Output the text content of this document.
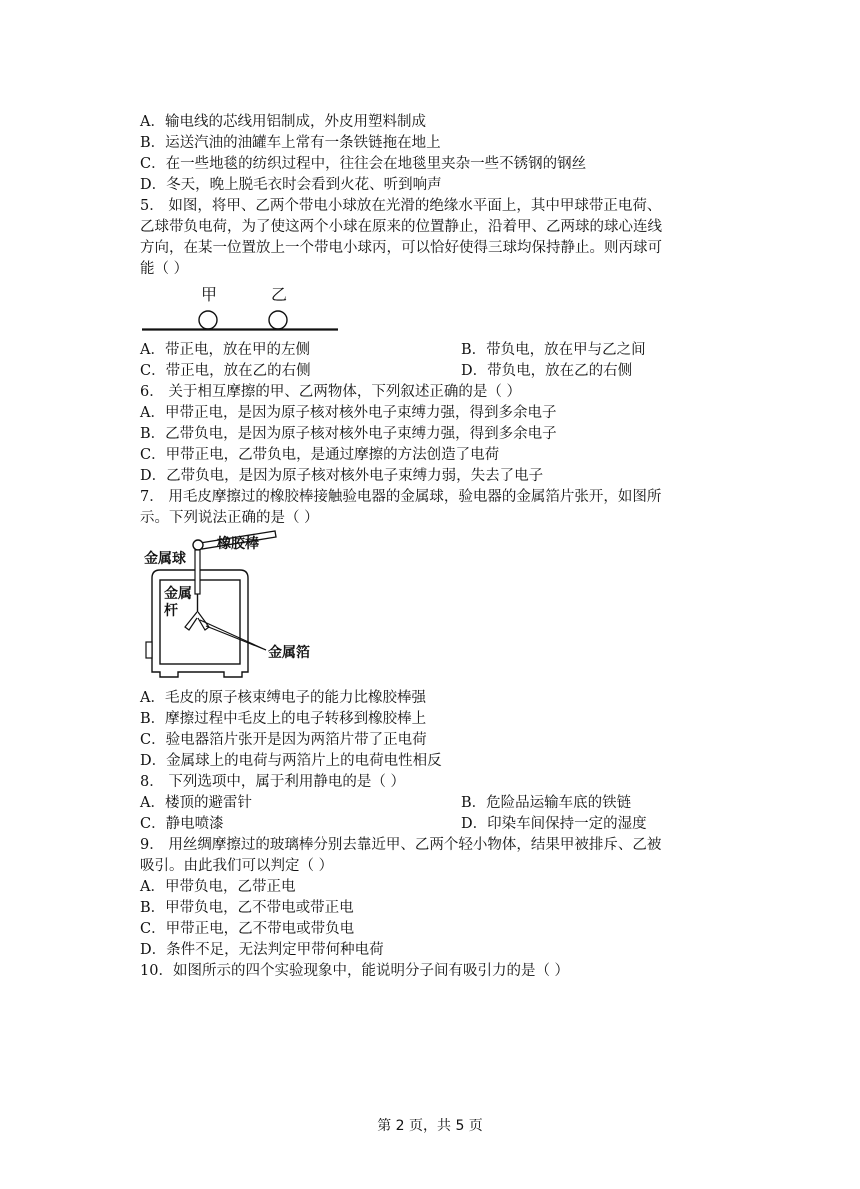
A．输电线的芯线用铝制成，外皮用塑料制成
B．运送汽油的油罐车上常有一条铁链拖在地上
C．在一些地毯的纺织过程中，往往会在地毯里夹杂一些不锈钢的钢丝
D．冬天，晚上脱毛衣时会看到火花、听到响声
5． 如图，将甲、乙两个带电小球放在光滑的绝缘水平面上，其中甲球带正电荷、
乙球带负电荷，为了使这两个小球在原来的位置静止，沿着甲、乙两球的球心连线
方向，在某一位置放上一个带电小球丙，可以恰好使得三球均保持静止。则丙球可
能（ ）
甲	乙
A．带正电，放在甲的左侧	B．带负电，放在甲与乙之间
C．带正电，放在乙的右侧	D．带负电，放在乙的右侧
6． 关于相互摩擦的甲、乙两物体，下列叙述正确的是（ ）
A．甲带正电，是因为原子核对核外电子束缚力强，得到多余电子
B．乙带负电，是因为原子核对核外电子束缚力强，得到多余电子
C．甲带正电，乙带负电，是通过摩擦的方法创造了电荷
D．乙带负电，是因为原子核对核外电子束缚力弱，失去了电子
7． 用毛皮摩擦过的橡胶棒接触验电器的金属球，验电器的金属箔片张开，如图所
示。下列说法正确的是（ ）
金属球
橡胶棒
金属
杆
金属箔
A．毛皮的原子核束缚电子的能力比橡胶棒强
B．摩擦过程中毛皮上的电子转移到橡胶棒上
C．验电器箔片张开是因为两箔片带了正电荷
D．金属球上的电荷与两箔片上的电荷电性相反
8． 下列选项中，属于利用静电的是（ ）
A．楼顶的避雷针	B．危险品运输车底的铁链
C．静电喷漆	D．印染车间保持一定的湿度
9． 用丝绸摩擦过的玻璃棒分别去靠近甲、乙两个轻小物体，结果甲被排斥、乙被
吸引。由此我们可以判定（ ）
A．甲带负电，乙带正电
B．甲带负电，乙不带电或带正电
C．甲带正电，乙不带电或带负电
D．条件不足，无法判定甲带何种电荷
10．如图所示的四个实验现象中，能说明分子间有吸引力的是（ ）
第 2 页，共 5 页
